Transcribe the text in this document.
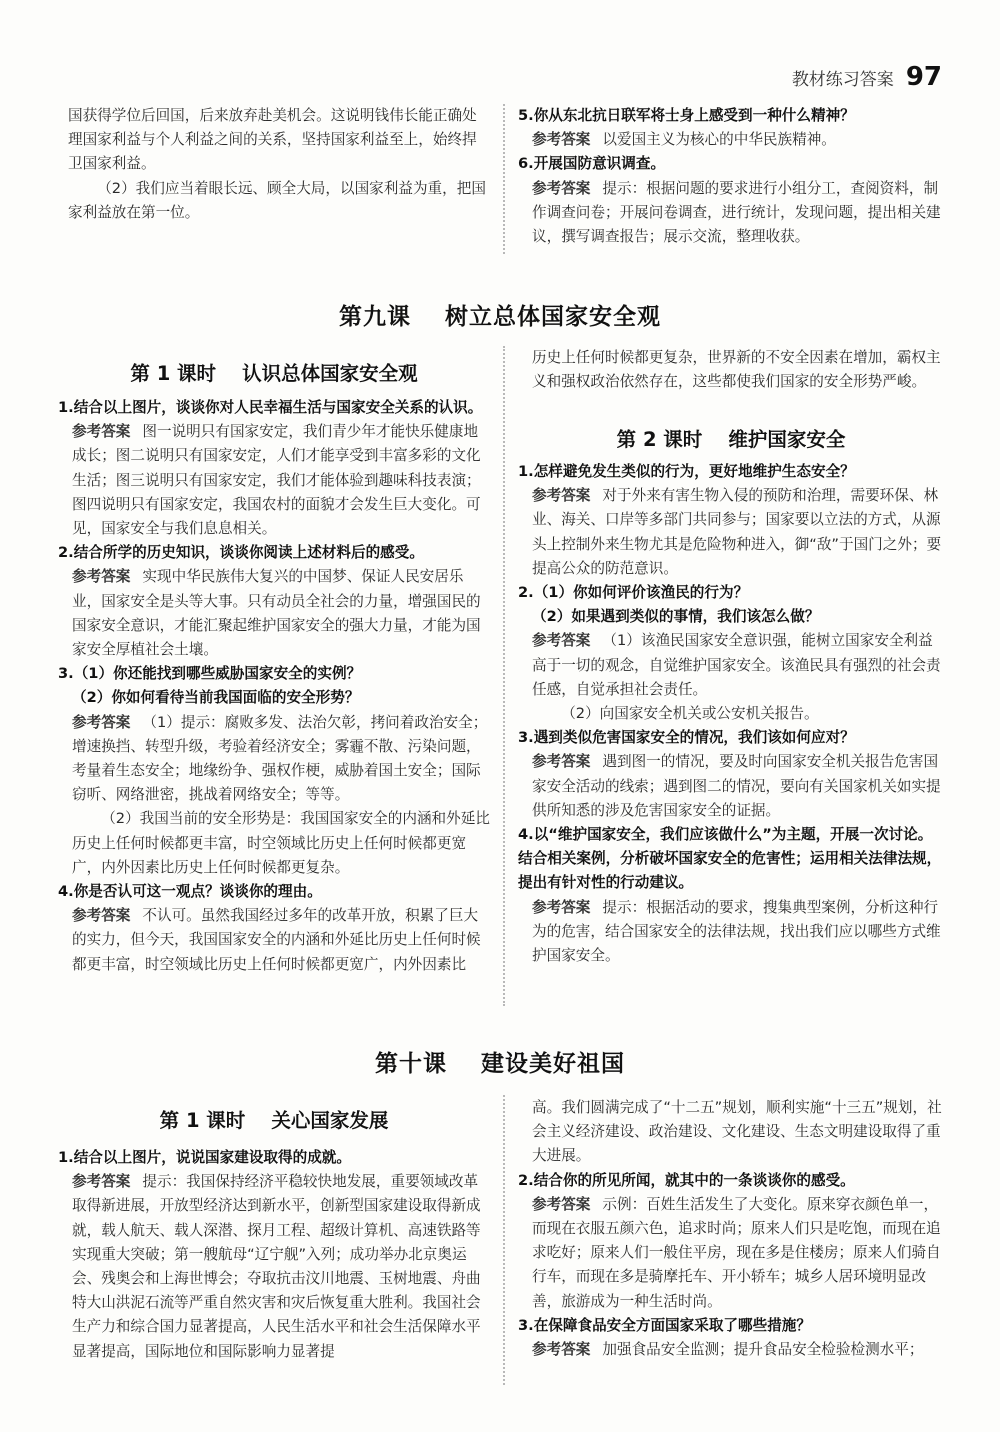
教材练习答案 97

国获得学位后回国，后来放弃赴美机会。这说明钱伟长能正确处理国家利益与个人利益之间的关系，坚持国家利益至上，始终捍卫国家利益。

（2）我们应当着眼长远、顾全大局，以国家利益为重，把国家利益放在第一位。

5.你从东北抗日联军将士身上感受到一种什么精神？

参考答案 以爱国主义为核心的中华民族精神。

6.开展国防意识调查。

参考答案 提示：根据问题的要求进行小组分工，查阅资料，制作调查问卷；开展问卷调查，进行统计，发现问题，提出相关建议，撰写调查报告；展示交流，整理收获。

第九课 树立总体国家安全观
第 1 课时 认识总体国家安全观

1.结合以上图片，谈谈你对人民幸福生活与国家安全关系的认识。

参考答案 图一说明只有国家安定，我们青少年才能快乐健康地成长；图二说明只有国家安定，人们才能享受到丰富多彩的文化生活；图三说明只有国家安定，我们才能体验到趣味科技表演；图四说明只有国家安定，我国农村的面貌才会发生巨大变化。可见，国家安全与我们息息相关。

2.结合所学的历史知识，谈谈你阅读上述材料后的感受。

参考答案 实现中华民族伟大复兴的中国梦、保证人民安居乐业，国家安全是头等大事。只有动员全社会的力量，增强国民的国家安全意识，才能汇聚起维护国家安全的强大力量，才能为国家安全厚植社会土壤。

3.（1）你还能找到哪些威胁国家安全的实例？

（2）你如何看待当前我国面临的安全形势？

参考答案 （1）提示：腐败多发、法治欠彰，拷问着政治安全；增速换挡、转型升级，考验着经济安全；雾霾不散、污染问题，考量着生态安全；地缘纷争、强权作梗，威胁着国土安全；国际窃听、网络泄密，挑战着网络安全；等等。

（2）我国当前的安全形势是：我国国家安全的内涵和外延比历史上任何时候都更丰富，时空领域比历史上任何时候都更宽广，内外因素比历史上任何时候都更复杂。

4.你是否认可这一观点？谈谈你的理由。

参考答案 不认可。虽然我国经过多年的改革开放，积累了巨大的实力，但今天，我国国家安全的内涵和外延比历史上任何时候都更丰富，时空领域比历史上任何时候都更宽广，内外因素比

历史上任何时候都更复杂，世界新的不安全因素在增加，霸权主义和强权政治依然存在，这些都使我们国家的安全形势严峻。

第 2 课时 维护国家安全

1.怎样避免发生类似的行为，更好地维护生态安全？

参考答案 对于外来有害生物入侵的预防和治理，需要环保、林业、海关、口岸等多部门共同参与；国家要以立法的方式，从源头上控制外来生物尤其是危险物种进入，御“敌”于国门之外；要提高公众的防范意识。

2.（1）你如何评价该渔民的行为？

（2）如果遇到类似的事情，我们该怎么做？

参考答案 （1）该渔民国家安全意识强，能树立国家安全利益高于一切的观念，自觉维护国家安全。该渔民具有强烈的社会责任感，自觉承担社会责任。

（2）向国家安全机关或公安机关报告。

3.遇到类似危害国家安全的情况，我们该如何应对？

参考答案 遇到图一的情况，要及时向国家安全机关报告危害国家安全活动的线索；遇到图二的情况，要向有关国家机关如实提供所知悉的涉及危害国家安全的证据。

4.以“维护国家安全，我们应该做什么”为主题，开展一次讨论。结合相关案例，分析破坏国家安全的危害性；运用相关法律法规，提出有针对性的行动建议。

参考答案 提示：根据活动的要求，搜集典型案例，分析这种行为的危害，结合国家安全的法律法规，找出我们应以哪些方式维护国家安全。

第十课 建设美好祖国
第 1 课时 关心国家发展

1.结合以上图片，说说国家建设取得的成就。

参考答案 提示：我国保持经济平稳较快地发展，重要领域改革取得新进展，开放型经济达到新水平，创新型国家建设取得新成就，载人航天、载人深潜、探月工程、超级计算机、高速铁路等实现重大突破；第一艘航母“辽宁舰”入列；成功举办北京奥运会、残奥会和上海世博会；夺取抗击汶川地震、玉树地震、舟曲特大山洪泥石流等严重自然灾害和灾后恢复重大胜利。我国社会生产力和综合国力显著提高，人民生活水平和社会生活保障水平显著提高，国际地位和国际影响力显著提

高。我们圆满完成了“十二五”规划，顺利实施“十三五”规划，社会主义经济建设、政治建设、文化建设、生态文明建设取得了重大进展。

2.结合你的所见所闻，就其中的一条谈谈你的感受。

参考答案 示例：百姓生活发生了大变化。原来穿衣颜色单一，而现在衣服五颜六色，追求时尚；原来人们只是吃饱，而现在追求吃好；原来人们一般住平房，现在多是住楼房；原来人们骑自行车，而现在多是骑摩托车、开小轿车；城乡人居环境明显改善，旅游成为一种生活时尚。

3.在保障食品安全方面国家采取了哪些措施？

参考答案 加强食品安全监测；提升食品安全检验检测水平；
